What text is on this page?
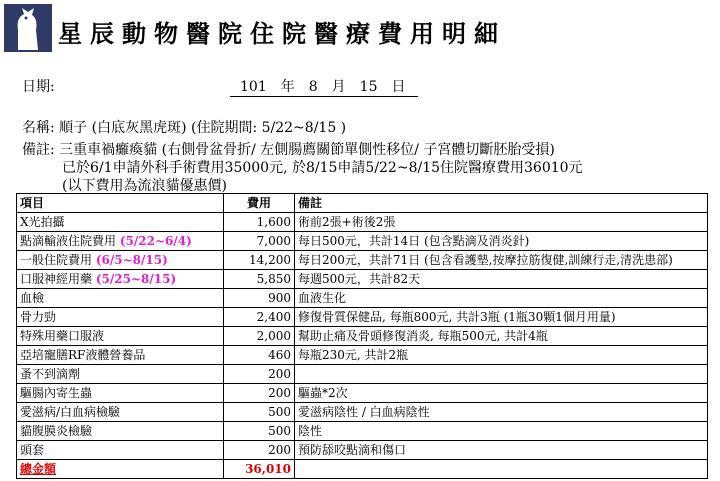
星辰動物醫院住院醫療費用明細
日期:	101 年 8 月 15 日
名稱: 順子 (白底灰黑虎斑) (住院期間: 5/22~8/15 )
備註: 三重車禍癱瘓貓 (右側骨盆骨折/ 左側腸薦關節單側性移位/ 子宮體切斷胚胎受損)
已於6/1申請外科手術費用35000元, 於8/15申請5/22~8/15住院醫療費用36010元
(以下費用為流浪貓優惠價)
項目	費用	備註
X光拍攝	1,600	術前2張+術後2張
點滴輸液住院費用 (5/22~6/4)	7,000	每日500元，共計14日 (包含點滴及消炎針)
一般住院費用 (6/5~8/15)	14,200	每日200元，共計71日 (包含看護墊,按摩拉筋復健,訓練行走,清洗患部)
口服神經用藥 (5/25~8/15)	5,850	每週500元，共計82天
血檢	900	血液生化
骨力勁	2,400	修復骨質保健品, 每瓶800元, 共計3瓶 (1瓶30顆1個月用量)
特殊用藥口服液	2,000	幫助止痛及骨頭修復消炎, 每瓶500元, 共計4瓶
亞培寵膳RF液體營養品	460	每瓶230元, 共計2瓶
蚤不到滴劑	200	
驅腸內寄生蟲	200	驅蟲*2次
愛滋病/白血病檢驗	500	愛滋病陰性 / 白血病陰性
貓腹膜炎檢驗	500	陰性
頭套	200	預防舔咬點滴和傷口
總金額	36,010	
